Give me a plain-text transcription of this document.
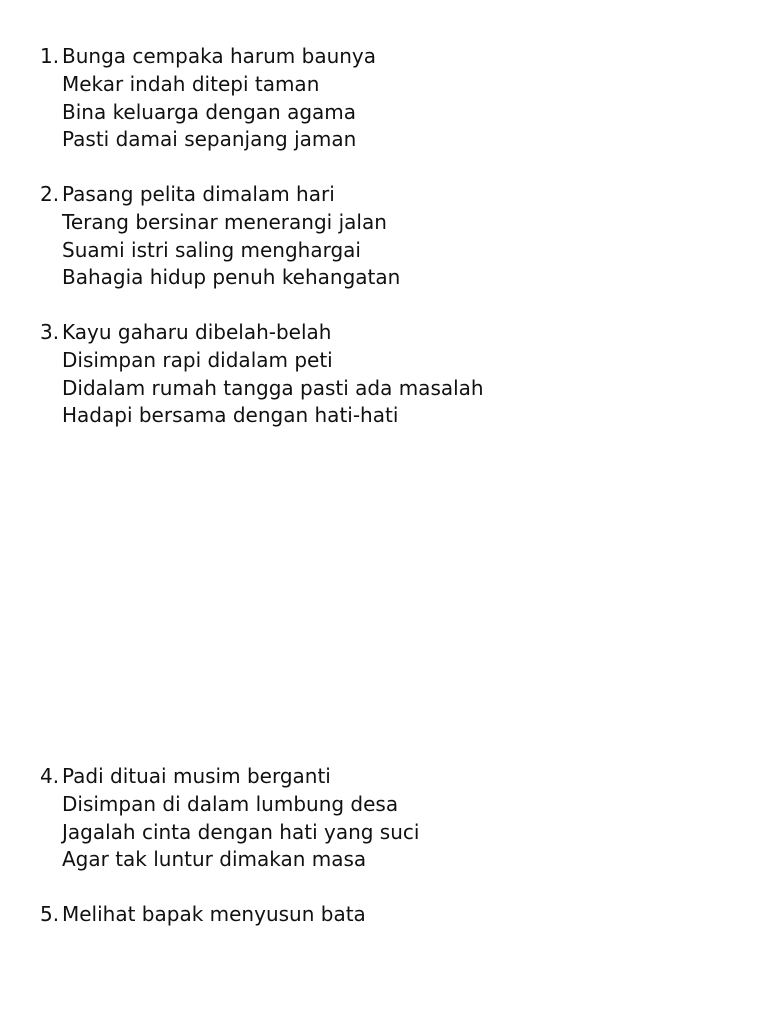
1. Bunga cempaka harum baunya
Mekar indah ditepi taman
Bina keluarga dengan agama
Pasti damai sepanjang jaman
2. Pasang pelita dimalam hari
Terang bersinar menerangi jalan
Suami istri saling menghargai
Bahagia hidup penuh kehangatan
3. Kayu gaharu dibelah-belah
Disimpan rapi didalam peti
Didalam rumah tangga pasti ada masalah
Hadapi bersama dengan hati-hati
4. Padi dituai musim berganti
Disimpan di dalam lumbung desa
Jagalah cinta dengan hati yang suci
Agar tak luntur dimakan masa
5. Melihat bapak menyusun bata
